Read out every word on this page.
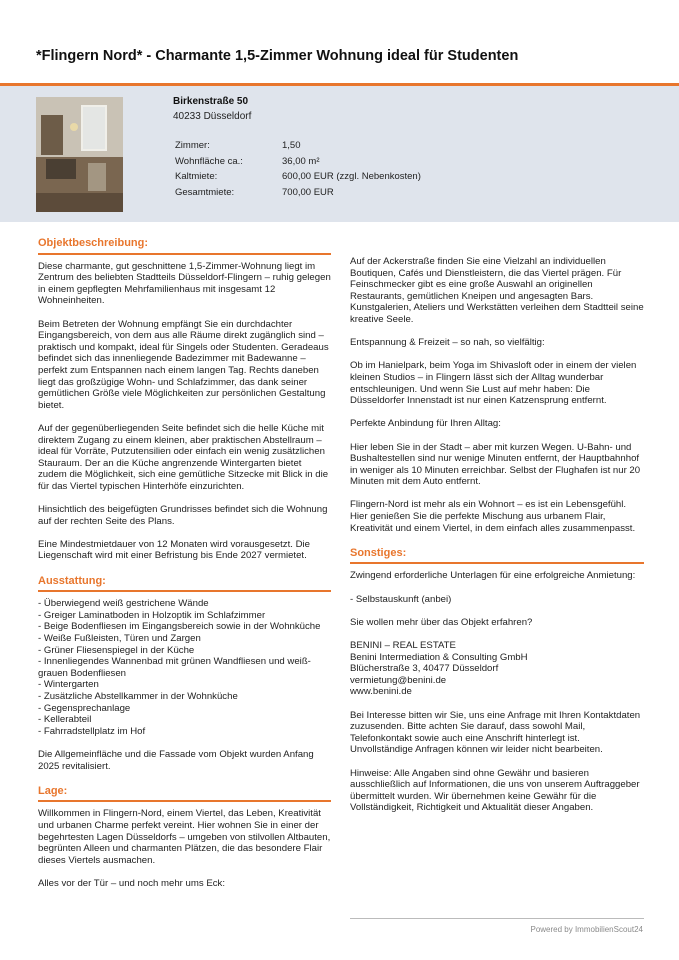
*Flingern Nord* - Charmante 1,5-Zimmer Wohnung ideal für Studenten
Birkenstraße 50
40233 Düsseldorf
Zimmer:	1,50
Wohnfläche ca.:	36,00 m²
Kaltmiete:	600,00 EUR (zzgl. Nebenkosten)
Gesamtmiete:	700,00 EUR
Objektbeschreibung:

Diese charmante, gut geschnittene 1,5-Zimmer-Wohnung liegt im Zentrum des beliebten Stadtteils Düsseldorf-Flingern – ruhig gelegen in einem gepflegten Mehrfamilienhaus mit insgesamt 12 Wohneinheiten.

Beim Betreten der Wohnung empfängt Sie ein durchdachter Eingangsbereich, von dem aus alle Räume direkt zugänglich sind – praktisch und kompakt, ideal für Singels oder Studenten. Geradeaus befindet sich das innenliegende Badezimmer mit Badewanne – perfekt zum Entspannen nach einem langen Tag. Rechts daneben liegt das großzügige Wohn- und Schlafzimmer, das dank seiner gemütlichen Größe viele Möglichkeiten zur persönlichen Gestaltung bietet.

Auf der gegenüberliegenden Seite befindet sich die helle Küche mit direktem Zugang zu einem kleinen, aber praktischen Abstellraum – ideal für Vorräte, Putzutensilien oder einfach ein wenig zusätzlichen Stauraum. Der an die Küche angrenzende Wintergarten bietet zudem die Möglichkeit, sich eine gemütliche Sitzecke mit Blick in die für das Viertel typischen Hinterhöfe einzurichten.

Hinsichtlich des beigefügten Grundrisses befindet sich die Wohnung auf der rechten Seite des Plans.

Eine Mindestmietdauer von 12 Monaten wird vorausgesetzt. Die Liegenschaft wird mit einer Befristung bis Ende 2027 vermietet.

Ausstattung:
- Überwiegend weiß gestrichene Wände
- Greiger Laminatboden in Holzoptik im Schlafzimmer
- Beige Bodenfliesen im Eingangsbereich sowie in der Wohnküche
- Weiße Fußleisten, Türen und Zargen
- Grüner Fliesenspiegel in der Küche
- Innenliegendes Wannenbad mit grünen Wandfliesen und weiß-grauen Bodenfliesen
- Wintergarten
- Zusätzliche Abstellkammer in der Wohnküche
- Gegensprechanlage
- Kellerabteil
- Fahrradstellplatz im Hof

Die Allgemeinfläche und die Fassade vom Objekt wurden Anfang 2025 revitalisiert.

Lage:

Willkommen in Flingern-Nord, einem Viertel, das Leben, Kreativität und urbanen Charme perfekt vereint. Hier wohnen Sie in einer der begehrtesten Lagen Düsseldorfs – umgeben von stilvollen Altbauten, begrünten Alleen und charmanten Plätzen, die das besondere Flair dieses Viertels ausmachen.

Alles vor der Tür – und noch mehr ums Eck:

Auf der Ackerstraße finden Sie eine Vielzahl an individuellen Boutiquen, Cafés und Dienstleistern, die das Viertel prägen. Für Feinschmecker gibt es eine große Auswahl an originellen Restaurants, gemütlichen Kneipen und angesagten Bars. Kunstgalerien, Ateliers und Werkstätten verleihen dem Stadtteil seine kreative Seele.

Entspannung & Freizeit – so nah, so vielfältig:

Ob im Hanielpark, beim Yoga im Shivasloft oder in einem der vielen kleinen Studios – in Flingern lässt sich der Alltag wunderbar entschleunigen. Und wenn Sie Lust auf mehr haben: Die Düsseldorfer Innenstadt ist nur einen Katzensprung entfernt.

Perfekte Anbindung für Ihren Alltag:

Hier leben Sie in der Stadt – aber mit kurzen Wegen. U-Bahn- und Bushaltestellen sind nur wenige Minuten entfernt, der Hauptbahnhof in weniger als 10 Minuten erreichbar. Selbst der Flughafen ist nur 20 Minuten mit dem Auto entfernt.

Flingern-Nord ist mehr als ein Wohnort – es ist ein Lebensgefühl. Hier genießen Sie die perfekte Mischung aus urbanem Flair, Kreativität und einem Viertel, in dem einfach alles zusammenpasst.

Sonstiges:

Zwingend erforderliche Unterlagen für eine erfolgreiche Anmietung:

- Selbstauskunft (anbei)

Sie wollen mehr über das Objekt erfahren?

BENINI – REAL ESTATE
Benini Intermediation & Consulting GmbH
Blücherstraße 3, 40477 Düsseldorf
vermietung@benini.de
www.benini.de

Bei Interesse bitten wir Sie, uns eine Anfrage mit Ihren Kontaktdaten zuzusenden. Bitte achten Sie darauf, dass sowohl Mail, Telefonkontakt sowie auch eine Anschrift hinterlegt ist. Unvollständige Anfragen können wir leider nicht bearbeiten.

Hinweise: Alle Angaben sind ohne Gewähr und basieren ausschließlich auf Informationen, die uns von unserem Auftraggeber übermittelt wurden. Wir übernehmen keine Gewähr für die Vollständigkeit, Richtigkeit und Aktualität dieser Angaben.

Powered by ImmobilienScout24
